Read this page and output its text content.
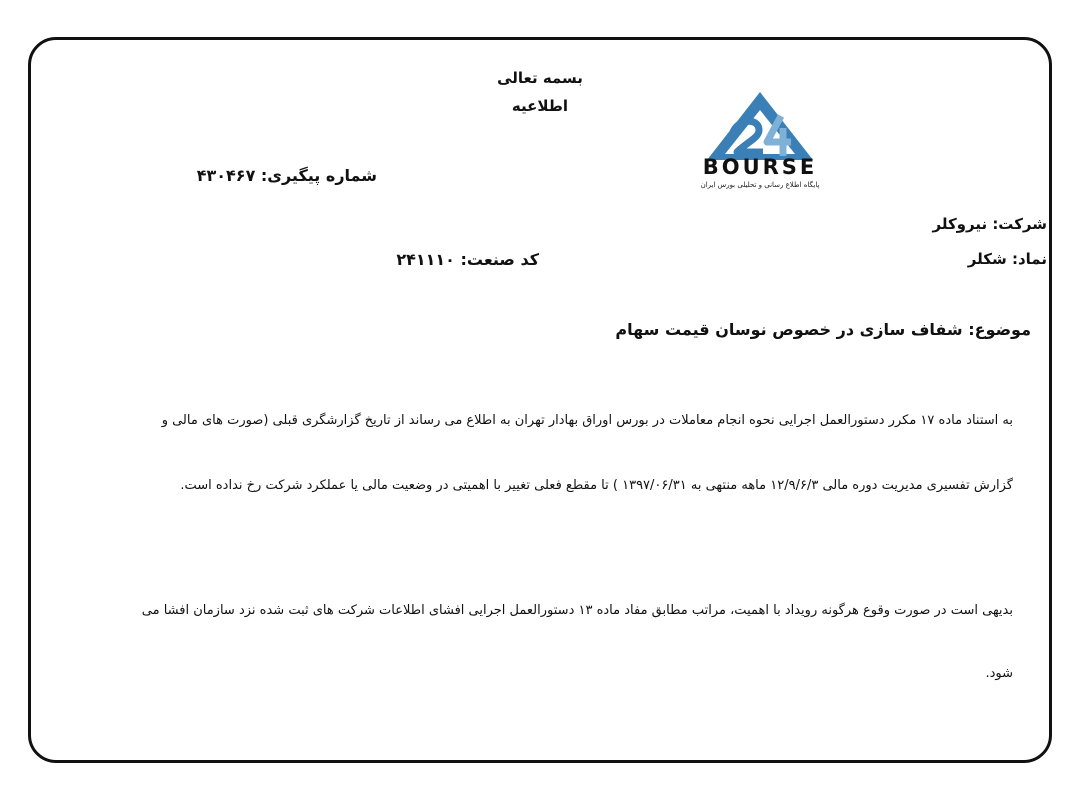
بسمه تعالی
اطلاعیه
BOURSE
پایگاه اطلاع رسانی و تحلیلی بورس ایران
شماره پیگیری: ۴۳۰۴۶۷
شرکت: نیروکلر
نماد: شکلر
کد صنعت: ۲۴۱۱۱۰
موضوع: شفاف سازی در خصوص نوسان قیمت سهام
به استناد ماده ۱۷ مکرر دستورالعمل اجرایی نحوه انجام معاملات در بورس اوراق بهادار تهران به اطلاع می رساند از تاریخ گزارشگری قبلی (صورت های مالی و
گزارش تفسیری مدیریت دوره مالی ۱۲/۹/۶/۳ ماهه منتهی به ۱۳۹۷/۰۶/۳۱ ) تا مقطع فعلی تغییر با اهمیتی در وضعیت مالی یا عملکرد شرکت رخ نداده است.
بدیهی است در صورت وقوع هرگونه رویداد با اهمیت، مراتب مطابق مفاد ماده ۱۳ دستورالعمل اجرایی افشای اطلاعات شرکت های ثبت شده نزد سازمان افشا می
شود.
